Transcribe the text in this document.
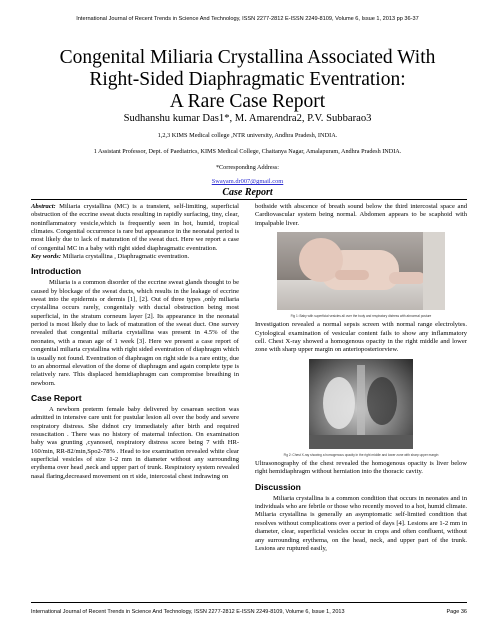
International Journal of Recent Trends in Science And Technology, ISSN 2277-2812 E-ISSN 2249-8109, Volume 6, Issue 1, 2013 pp 36-37
Congenital Miliaria Crystallina Associated With
Right-Sided Diaphragmatic Eventration:
A Rare Case Report
Sudhanshu kumar Das1*, M. Amarendra2, P.V. Subbarao3
1,2,3 KIMS Medical college ,NTR university, Andhra Pradesh, INDIA.
1 Assistant Professor, Dept. of Paediatrics, KIMS Medical College, Chaitanya Nagar, Amalapuram, Andhra Pradesh INDIA.
*Corresponding Address:
Swayam.dr007@gmail.com
Case Report

Abstract: Miliaria crystallina (MC) is a transient, self-limiting, superficial obstruction of the eccrine sweat ducts resulting in rapidly surfacing, tiny, clear, noninflammatory vesicle,which is frequently seen in hot, humid, tropical climates. Congenital occurrence is rare but appearance in the neonatal period is most likely due to lack of maturation of the sweat duct. Here we report a case of congenital MC in a baby with right sided diaphragmatic eventration.

Key words: Miliaria crystallina , Diaphragmatic eventration.

Introduction

Miliaria is a common disorder of the eccrine sweat glands thought to be caused by blockage of the sweat ducts, which results in the leakage of eccrine sweat into the epidermis or dermis [1], [2]. Out of three types ,only miliaria crystallina occurs rarely, congenitaly with ductal obstruction being most superficial, in the stratum corneum layer [2]. Its appearance in the neonatal period is most likely due to lack of maturation of the sweat duct. One survey revealed that congenital miliaria crystallina was present in 4.5% of the neonates, with a mean age of 1 week [3]. Here we present a case report of congenital miliaria crystallina with right sided eventration of diaphragm which is usually not found. Eventration of diaphragm on right side is a rare entity, due to an abnormal elevation of the dome of diaphragm and again complete type is relatively rare. This displaced hemidiaphragm can compromise breathing in newborn.

Case Report

A newborn preterm female baby delivered by cesarean section was admitted in intensive care unit for pustular lesion all over the body and severe respiratory distress. She didnot cry immediately after birth and required resuscitation . There was no history of maternal infection. On examination baby was grunting ,cyanosed, respiratory distress score being 7 with HR-160/min, RR-82/min,Spo2-78% . Head to toe examination revealed white clear superficial vesicles of size 1-2 mm in diameter without any surrounding erythema over head ,neck and upper part of trunk. Respiratory system revealed nasal flaring,decreased movement on rt side, intercostal chest indrawing on

bothside with abscence of breath sound below the third intercostal space and Cardiovascular system being normal. Abdomen appears to be scaphoid with impalpable liver.

Fig 1: Baby with superficial vesicles all over the body and respiratory distress with abnormal posture

Investigation revealed a normal sepsis screen with normal range electrolytes. Cytological examination of vesicular content fails to show any inflammatory cell. Chest X-ray showed a homogenous opacity in the right middle and lower zone with sharp upper margin on anterioposteriorview.

Fig 2: Chest X-ray showing a homogenous opacity in the right middle and lower zone with sharp upper margin

Ultrasonography of the chest revealed the homogenous opacity is liver below right hemidiaphragm without herniation into the thoracic cavity.

Discussion

Miliaria crystallina is a common condition that occurs in neonates and in individuals who are febrile or those who recently moved to a hot, humid climate. Miliaria crystallina is generally an asymptomatic self-limited condition that resolves without complications over a period of days [4]. Lesions are 1-2 mm in diameter, clear, superficial vesicles occur in crops and often confluent, without any surrounding erythema, on the head, neck, and upper part of the trunk. Lesions are ruptured easily,

International Journal of Recent Trends in Science And Technology, ISSN 2277-2812 E-ISSN 2249-8109, Volume 6, Issue 1, 2013	Page 36
